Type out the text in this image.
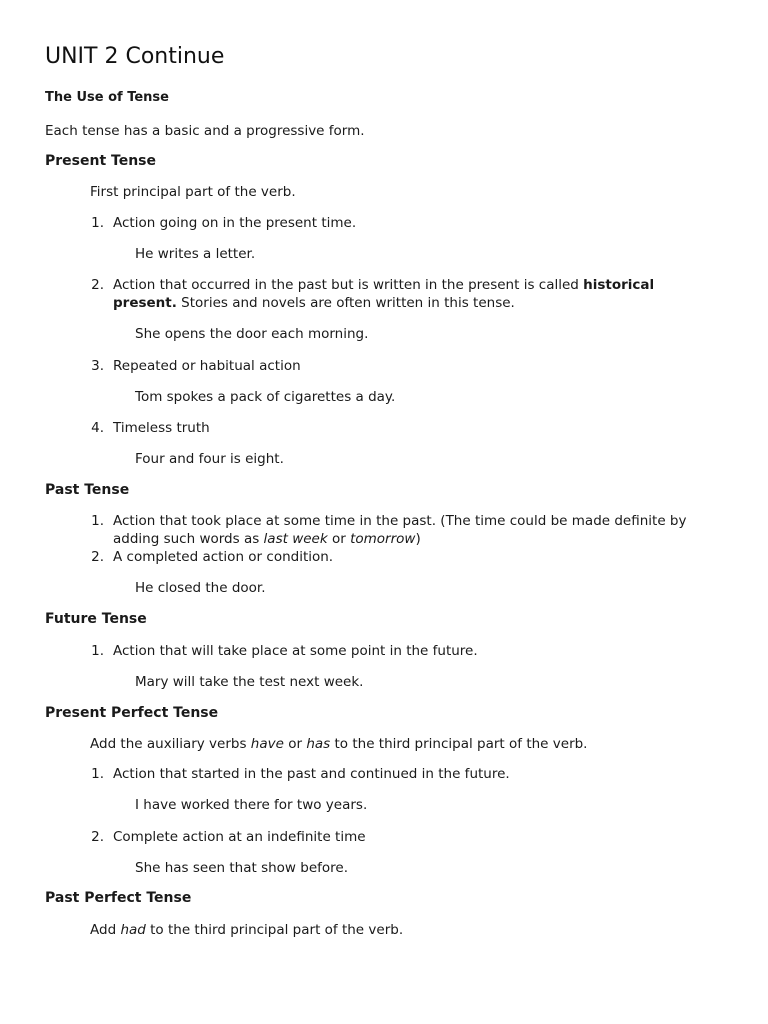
UNIT 2 Continue
The Use of Tense
Each tense has a basic and a progressive form.
Present Tense
First principal part of the verb.
1. Action going on in the present time.
He writes a letter.
2. Action that occurred in the past but is written in the present is called historical present. Stories and novels are often written in this tense.
She opens the door each morning.
3. Repeated or habitual action
Tom spokes a pack of cigarettes a day.
4. Timeless truth
Four and four is eight.
Past Tense
1. Action that took place at some time in the past. (The time could be made definite by adding such words as last week or tomorrow)
2. A completed action or condition.
He closed the door.
Future Tense
1. Action that will take place at some point in the future.
Mary will take the test next week.
Present Perfect Tense
Add the auxiliary verbs have or has to the third principal part of the verb.
1. Action that started in the past and continued in the future.
I have worked there for two years.
2. Complete action at an indefinite time
She has seen that show before.
Past Perfect Tense
Add had to the third principal part of the verb.
